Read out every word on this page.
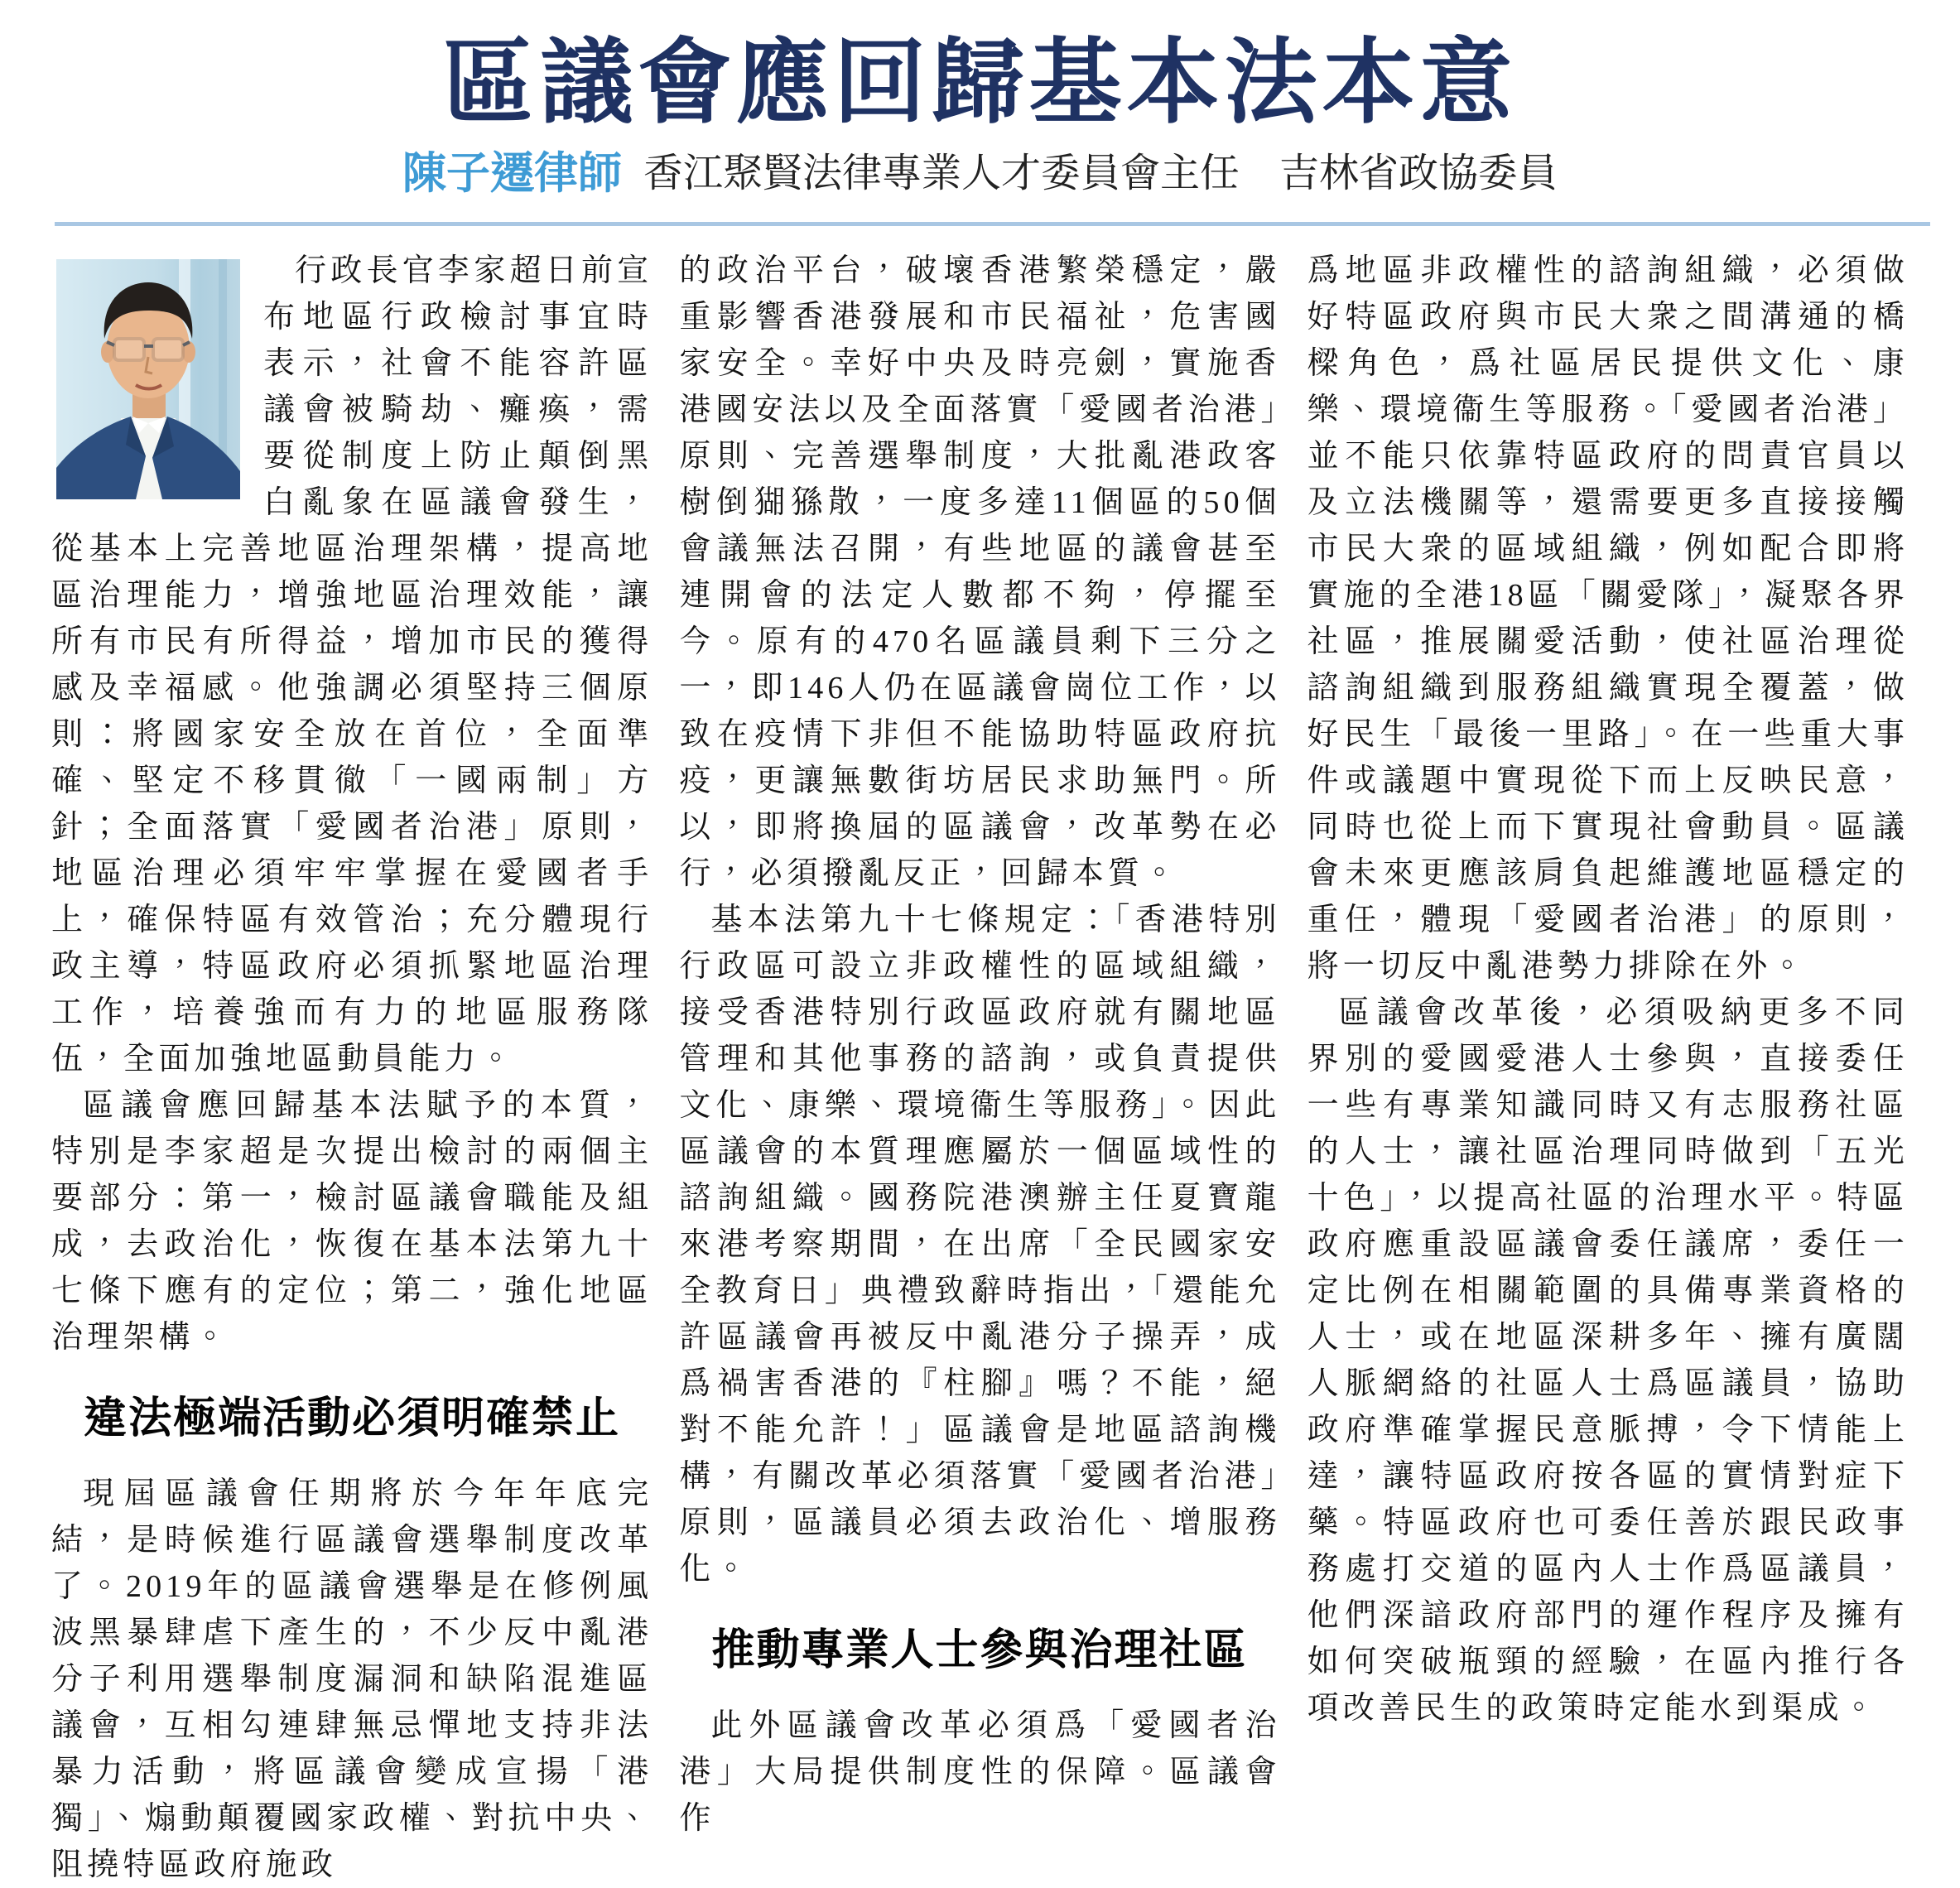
區議會應回歸基本法本意
陳子遷律師 香江聚賢法律專業人才委員會主任　吉林省政協委員

行政長官李家超日前宣布地區行政檢討事宜時表示，社會不能容許區議會被騎劫、癱瘓，需要從制度上防止顛倒黑白亂象在區議會發生，從基本上完善地區治理架構，提高地區治理能力，增強地區治理效能，讓所有市民有所得益，增加市民的獲得感及幸福感。他強調必須堅持三個原則：將國家安全放在首位，全面準確、堅定不移貫徹「一國兩制」方針；全面落實「愛國者治港」原則，地區治理必須牢牢掌握在愛國者手上，確保特區有效管治；充分體現行政主導，特區政府必須抓緊地區治理工作，培養強而有力的地區服務隊伍，全面加強地區動員能力。

區議會應回歸基本法賦予的本質，特別是李家超是次提出檢討的兩個主要部分：第一，檢討區議會職能及組成，去政治化，恢復在基本法第九十七條下應有的定位；第二，強化地區治理架構。

違法極端活動必須明確禁止

現屆區議會任期將於今年年底完結，是時候進行區議會選舉制度改革了。2019年的區議會選舉是在修例風波黑暴肆虐下產生的，不少反中亂港分子利用選舉制度漏洞和缺陷混進區議會，互相勾連肆無忌憚地支持非法暴力活動，將區議會變成宣揚「港獨」、煽動顛覆國家政權、對抗中央、阻撓特區政府施政

的政治平台，破壞香港繁榮穩定，嚴重影響香港發展和市民福祉，危害國家安全。幸好中央及時亮劍，實施香港國安法以及全面落實「愛國者治港」原則、完善選舉制度，大批亂港政客樹倒猢猻散，一度多達11個區的50個會議無法召開，有些地區的議會甚至連開會的法定人數都不夠，停擺至今。原有的470名區議員剩下三分之一，即146人仍在區議會崗位工作，以致在疫情下非但不能協助特區政府抗疫，更讓無數街坊居民求助無門。所以，即將換屆的區議會，改革勢在必行，必須撥亂反正，回歸本質。

基本法第九十七條規定：「香港特別行政區可設立非政權性的區域組織，接受香港特別行政區政府就有關地區管理和其他事務的諮詢，或負責提供文化、康樂、環境衞生等服務」。因此區議會的本質理應屬於一個區域性的諮詢組織。國務院港澳辦主任夏寶龍來港考察期間，在出席「全民國家安全教育日」典禮致辭時指出，「還能允許區議會再被反中亂港分子操弄，成爲禍害香港的『柱腳』嗎？不能，絕對不能允許！」區議會是地區諮詢機構，有關改革必須落實「愛國者治港」原則，區議員必須去政治化、增服務化。

推動專業人士參與治理社區

此外區議會改革必須爲「愛國者治港」大局提供制度性的保障。區議會作

爲地區非政權性的諮詢組織，必須做好特區政府與市民大衆之間溝通的橋樑角色，爲社區居民提供文化、康樂、環境衞生等服務。「愛國者治港」並不能只依靠特區政府的問責官員以及立法機關等，還需要更多直接接觸市民大衆的區域組織，例如配合即將實施的全港18區「關愛隊」，凝聚各界社區，推展關愛活動，使社區治理從諮詢組織到服務組織實現全覆蓋，做好民生「最後一里路」。在一些重大事件或議題中實現從下而上反映民意，同時也從上而下實現社會動員。區議會未來更應該肩負起維護地區穩定的重任，體現「愛國者治港」的原則，將一切反中亂港勢力排除在外。

區議會改革後，必須吸納更多不同界別的愛國愛港人士參與，直接委任一些有專業知識同時又有志服務社區的人士，讓社區治理同時做到「五光十色」，以提高社區的治理水平。特區政府應重設區議會委任議席，委任一定比例在相關範圍的具備專業資格的人士，或在地區深耕多年、擁有廣闊人脈網絡的社區人士爲區議員，協助政府準確掌握民意脈搏，令下情能上達，讓特區政府按各區的實情對症下藥。特區政府也可委任善於跟民政事務處打交道的區內人士作爲區議員，他們深諳政府部門的運作程序及擁有如何突破瓶頸的經驗，在區內推行各項改善民生的政策時定能水到渠成。
